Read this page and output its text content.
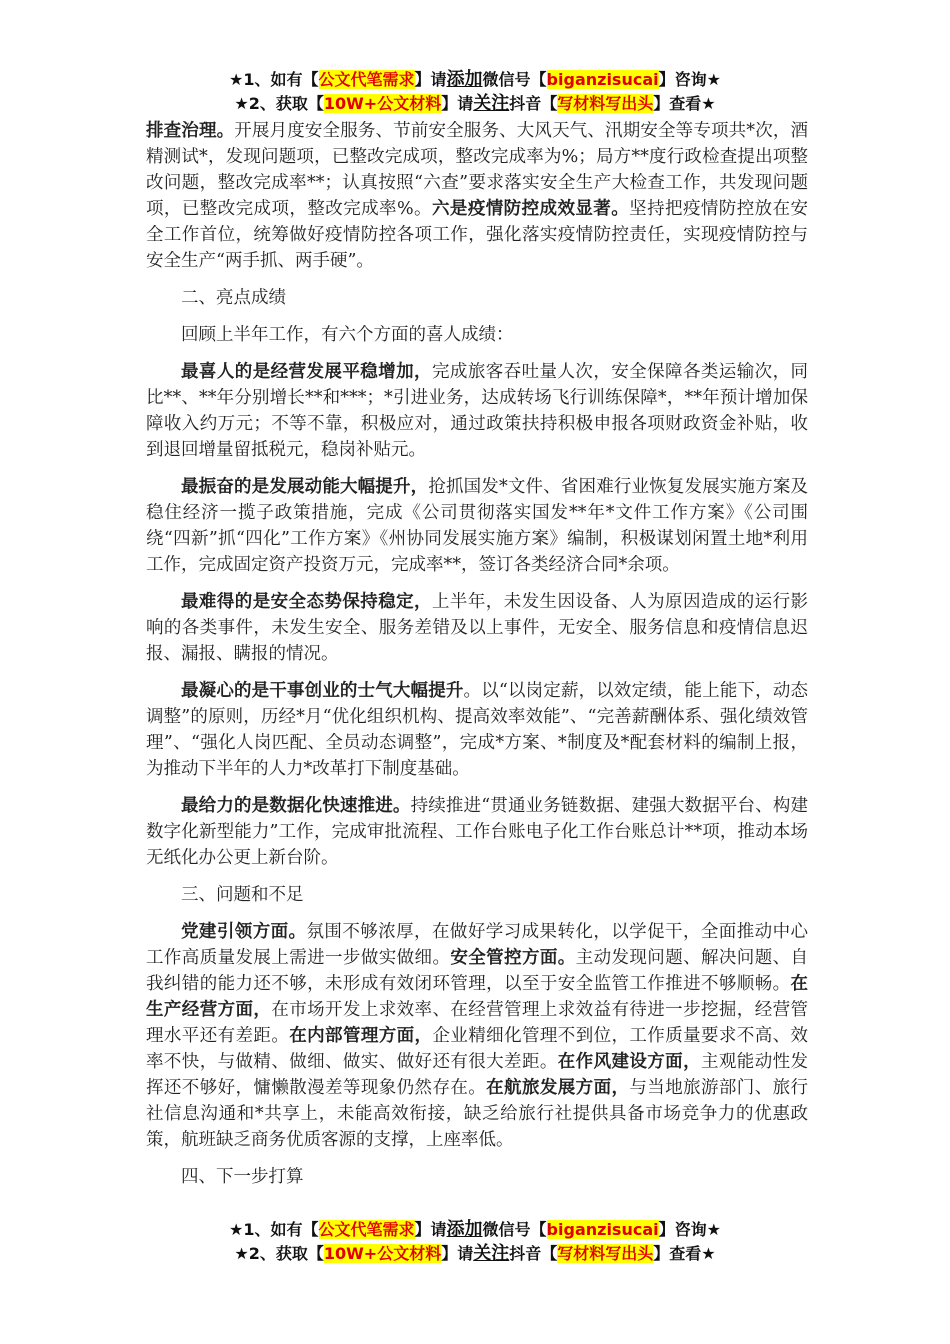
★1、如有【公文代笔需求】请添加微信号【biganzisucai】咨询★
★2、获取【10W+公文材料】请关注抖音【写材料写出头】查看★

排查治理。开展月度安全服务、节前安全服务、大风天气、汛期安全等专项共*次，酒精测试*，发现问题项，已整改完成项，整改完成率为%；局方**度行政检查提出项整改问题，整改完成率**；认真按照“六查”要求落实安全生产大检查工作，共发现问题项，已整改完成项，整改完成率%。六是疫情防控成效显著。坚持把疫情防控放在安全工作首位，统筹做好疫情防控各项工作，强化落实疫情防控责任，实现疫情防控与安全生产“两手抓、两手硬”。

二、亮点成绩

回顾上半年工作，有六个方面的喜人成绩：

最喜人的是经营发展平稳增加，完成旅客吞吐量人次，安全保障各类运输次，同比**、**年分别增长**和***；*引进业务，达成转场飞行训练保障*，**年预计增加保障收入约万元；不等不靠，积极应对，通过政策扶持积极申报各项财政资金补贴，收到退回增量留抵税元，稳岗补贴元。

最振奋的是发展动能大幅提升，抢抓国发*文件、省困难行业恢复发展实施方案及稳住经济一揽子政策措施，完成《公司贯彻落实国发**年*文件工作方案》《公司围绕“四新”抓“四化”工作方案》《州协同发展实施方案》编制，积极谋划闲置土地*利用工作，完成固定资产投资万元，完成率**，签订各类经济合同*余项。

最难得的是安全态势保持稳定，上半年，未发生因设备、人为原因造成的运行影响的各类事件，未发生安全、服务差错及以上事件，无安全、服务信息和疫情信息迟报、漏报、瞒报的情况。

最凝心的是干事创业的士气大幅提升。以“以岗定薪，以效定绩，能上能下，动态调整”的原则，历经*月“优化组织机构、提高效率效能”、“完善薪酬体系、强化绩效管理”、“强化人岗匹配、全员动态调整”，完成*方案、*制度及*配套材料的编制上报，为推动下半年的人力*改革打下制度基础。

最给力的是数据化快速推进。持续推进“贯通业务链数据、建强大数据平台、构建数字化新型能力”工作，完成审批流程、工作台账电子化工作台账总计**项，推动本场无纸化办公更上新台阶。

三、问题和不足

党建引领方面。氛围不够浓厚，在做好学习成果转化，以学促干，全面推动中心工作高质量发展上需进一步做实做细。安全管控方面。主动发现问题、解决问题、自我纠错的能力还不够，未形成有效闭环管理，以至于安全监管工作推进不够顺畅。在生产经营方面，在市场开发上求效率、在经营管理上求效益有待进一步挖掘，经营管理水平还有差距。在内部管理方面，企业精细化管理不到位，工作质量要求不高、效率不快，与做精、做细、做实、做好还有很大差距。在作风建设方面，主观能动性发挥还不够好，慵懒散漫差等现象仍然存在。在航旅发展方面，与当地旅游部门、旅行社信息沟通和*共享上，未能高效衔接，缺乏给旅行社提供具备市场竞争力的优惠政策，航班缺乏商务优质客源的支撑，上座率低。

四、下一步打算

★1、如有【公文代笔需求】请添加微信号【biganzisucai】咨询★
★2、获取【10W+公文材料】请关注抖音【写材料写出头】查看★
